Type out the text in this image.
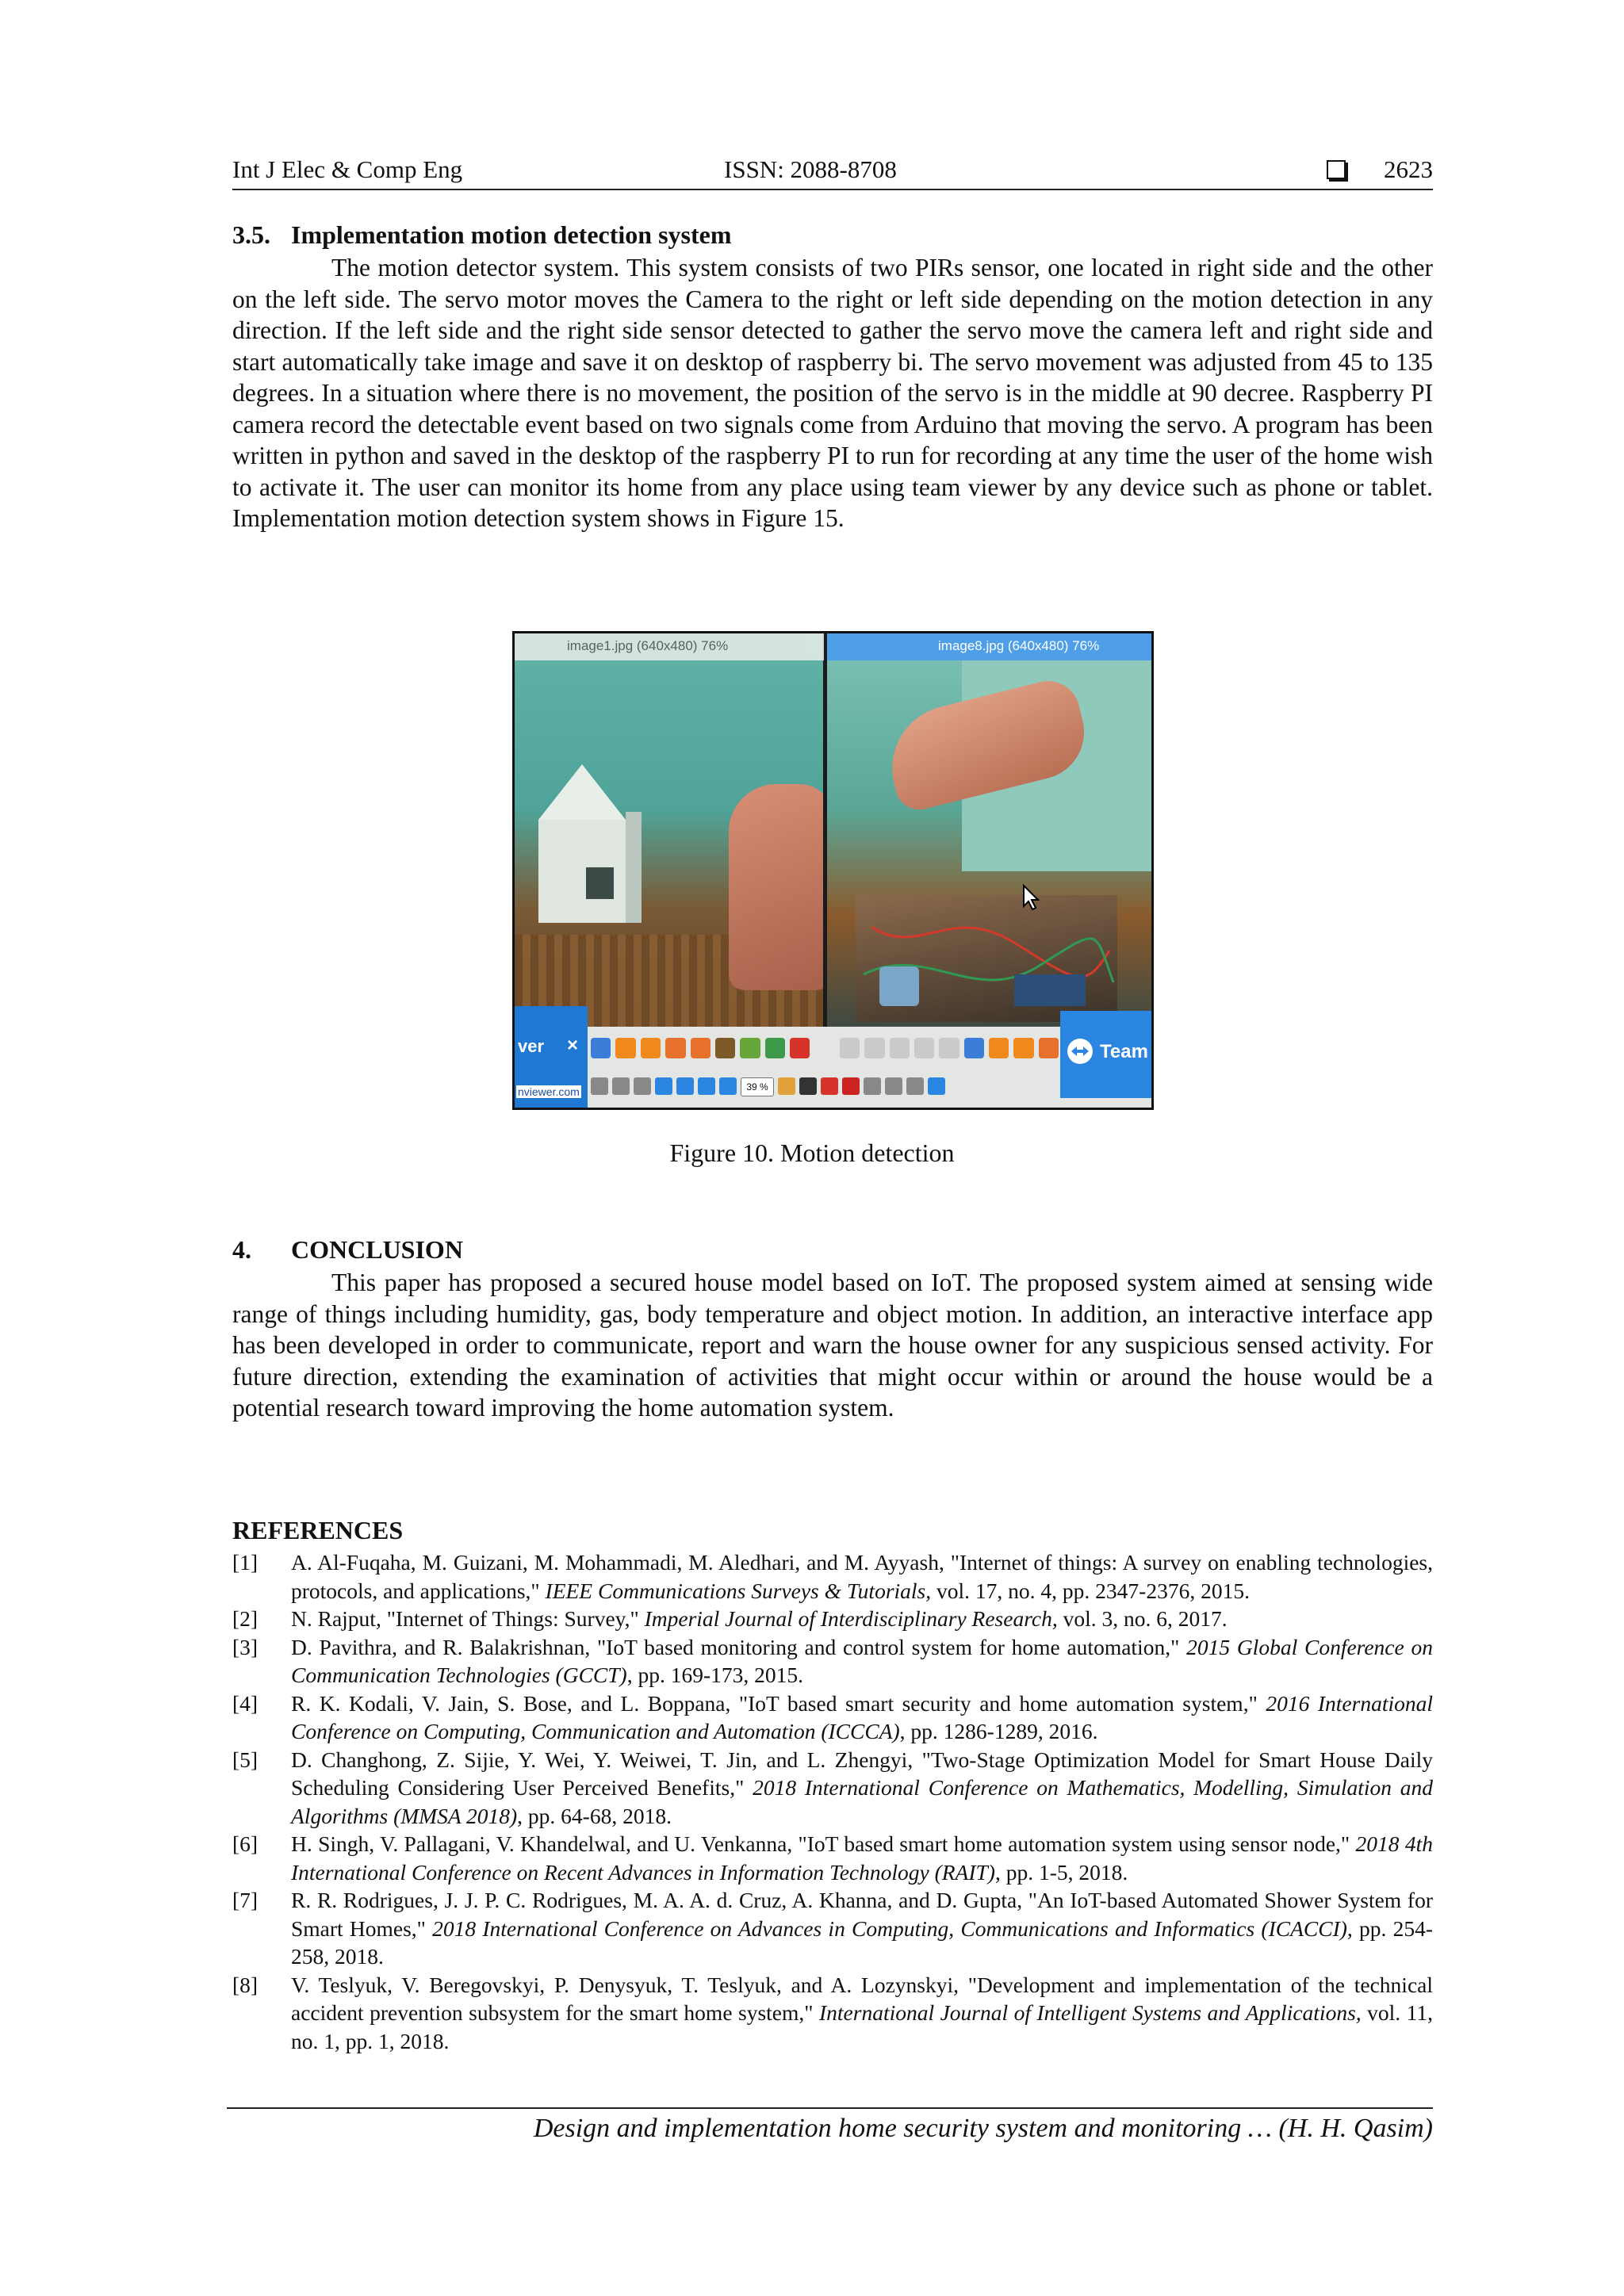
Int J Elec & Comp Eng	ISSN: 2088-8708	2623
3.5. Implementation motion detection system
The motion detector system. This system consists of two PIRs sensor, one located in right side and the other on the left side. The servo motor moves the Camera to the right or left side depending on the motion detection in any direction. If the left side and the right side sensor detected to gather the servo move the camera left and right side and start automatically take image and save it on desktop of raspberry bi. The servo movement was adjusted from 45 to 135 degrees. In a situation where there is no movement, the position of the servo is in the middle at 90 decree. Raspberry PI camera record the detectable event based on two signals come from Arduino that moving the servo. A program has been written in python and saved in the desktop of the raspberry PI to run for recording at any time the user of the home wish to activate it. The user can monitor its home from any place using team viewer by any device such as phone or tablet. Implementation motion detection system shows in Figure 15.
image1.jpg (640x480) 76%	image8.jpg (640x480) 76%
39 %
ver ×
nviewer.com
Team
Figure 10. Motion detection
4. CONCLUSION
This paper has proposed a secured house model based on IoT. The proposed system aimed at sensing wide range of things including humidity, gas, body temperature and object motion. In addition, an interactive interface app has been developed in order to communicate, report and warn the house owner for any suspicious sensed activity. For future direction, extending the examination of activities that might occur within or around the house would be a potential research toward improving the home automation system.
REFERENCES
[1] A. Al-Fuqaha, M. Guizani, M. Mohammadi, M. Aledhari, and M. Ayyash, "Internet of things: A survey on enabling technologies, protocols, and applications," IEEE Communications Surveys & Tutorials, vol. 17, no. 4, pp. 2347-2376, 2015.
[2] N. Rajput, "Internet of Things: Survey," Imperial Journal of Interdisciplinary Research, vol. 3, no. 6, 2017.
[3] D. Pavithra, and R. Balakrishnan, "IoT based monitoring and control system for home automation," 2015 Global Conference on Communication Technologies (GCCT), pp. 169-173, 2015.
[4] R. K. Kodali, V. Jain, S. Bose, and L. Boppana, "IoT based smart security and home automation system," 2016 International Conference on Computing, Communication and Automation (ICCCA), pp. 1286-1289, 2016.
[5] D. Changhong, Z. Sijie, Y. Wei, Y. Weiwei, T. Jin, and L. Zhengyi, "Two-Stage Optimization Model for Smart House Daily Scheduling Considering User Perceived Benefits," 2018 International Conference on Mathematics, Modelling, Simulation and Algorithms (MMSA 2018), pp. 64-68, 2018.
[6] H. Singh, V. Pallagani, V. Khandelwal, and U. Venkanna, "IoT based smart home automation system using sensor node," 2018 4th International Conference on Recent Advances in Information Technology (RAIT), pp. 1-5, 2018.
[7] R. R. Rodrigues, J. J. P. C. Rodrigues, M. A. A. d. Cruz, A. Khanna, and D. Gupta, "An IoT-based Automated Shower System for Smart Homes," 2018 International Conference on Advances in Computing, Communications and Informatics (ICACCI), pp. 254-258, 2018.
[8] V. Teslyuk, V. Beregovskyi, P. Denysyuk, T. Teslyuk, and A. Lozynskyi, "Development and implementation of the technical accident prevention subsystem for the smart home system," International Journal of Intelligent Systems and Applications, vol. 11, no. 1, pp. 1, 2018.
Design and implementation home security system and monitoring … (H. H. Qasim)
